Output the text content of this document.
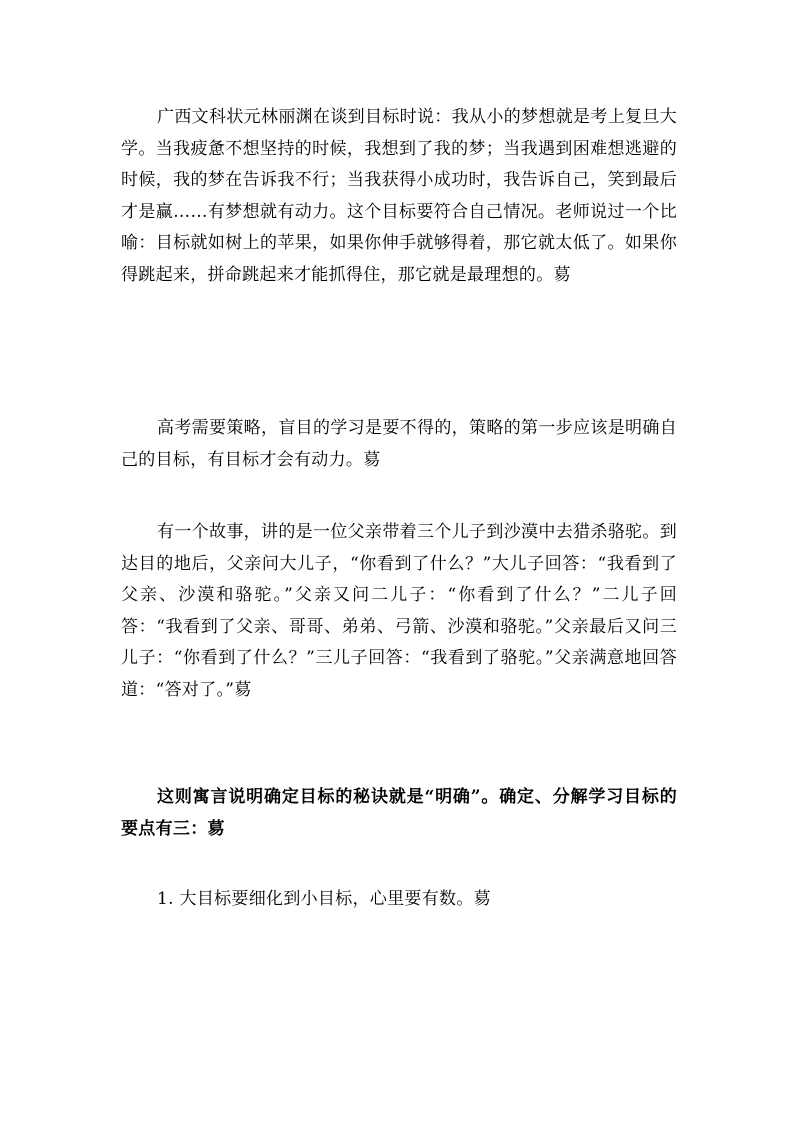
广西文科状元林丽渊在谈到目标时说：我从小的梦想就是考上复旦大学。当我疲惫不想坚持的时候，我想到了我的梦；当我遇到困难想逃避的时候，我的梦在告诉我不行；当我获得小成功时，我告诉自己，笑到最后才是赢……有梦想就有动力。这个目标要符合自己情况。老师说过一个比喻：目标就如树上的苹果，如果你伸手就够得着，那它就太低了。如果你得跳起来，拼命跳起来才能抓得住，那它就是最理想的。䓪

高考需要策略，盲目的学习是要不得的，策略的第一步应该是明确自己的目标，有目标才会有动力。䓪

有一个故事，讲的是一位父亲带着三个儿子到沙漠中去猎杀骆驼。到达目的地后，父亲问大儿子，“你看到了什么？”大儿子回答：“我看到了父亲、沙漠和骆驼。”父亲又问二儿子：“你看到了什么？”二儿子回答：“我看到了父亲、哥哥、弟弟、弓箭、沙漠和骆驼。”父亲最后又问三儿子：“你看到了什么？”三儿子回答：“我看到了骆驼。”父亲满意地回答道：“答对了。”䓪

这则寓言说明确定目标的秘诀就是“明确”。确定、分解学习目标的要点有三：䓪

1. 大目标要细化到小目标，心里要有数。䓪
